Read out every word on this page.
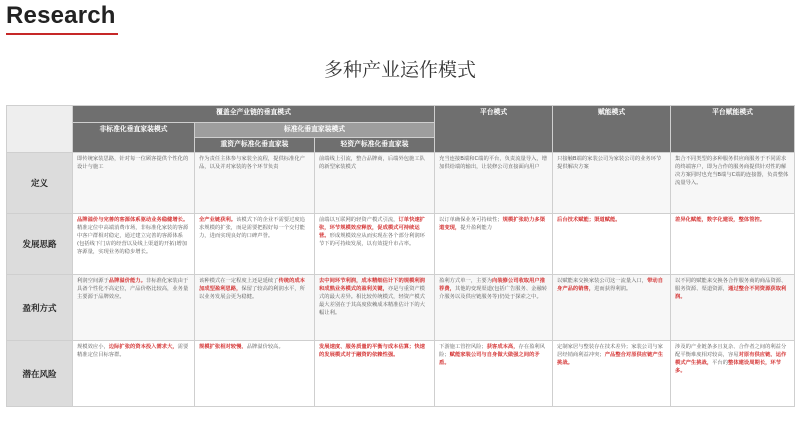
Research
多种产业运作模式
	覆盖全产业链的垂直模式			平台模式	赋能模式	平台赋能模式
	非标准化垂直家装模式	标准化垂直家装模式				
		重资产标准化垂直家装	轻资产标准化垂直家装			
定义	即传统家装思路，针对每一位顾客提供个性化的设计与施工	作为责任主体参与家装全流程，提供标准化产品，以及并对家装的各个环节负责	前端线上引流，整合品牌商，后端外包施工队的新型家装模式	充当连接B端和C端的平台，负责流量导入，增加供给端的输出，让装修公司直接面向用户	只接触B端的家装公司为家装公司的业务环节提供解决方案	集合不同类型的多种服务供应商服务于不同需求的终端客户，即为合作的服务商提供针对性的解决方案同时也充当B端与C端的连接器，负责整体流量导入。
发展思路	品牌溢价与完善的客源体系驱动业务稳健增长。精准定位中高端消费市场，非标准化家装的客源中客户群相对稳定，通过建立完善的客源体系(包括线下门店的经营以及线上渠道的开拓)增加客源量，实现业务的稳步增长。	全产业链获利。该模式下的企业不需要过度追求规模的扩张，而是需要把握好每一个交付能力，进而实现良好的口碑声誉。	前端以互联网的轻资产模式引流，订单快速扩张，环节规模效应释放，促成模式可持续运营。形成规模效应从而实现在各个部分利润环节下的可持续发展，以有效提升市占率。	以订单确保业务可持续性；规模扩张助力多渠道变现，提升盈利能力	后台技术赋能；渠道赋能。	差异化赋能，数字化建设，整体管控。
盈利方式	利润空间源于品牌溢价能力。非标准化家装由于具备个性化不高定位，产品价格比较高，业务量主要源于品牌效应。	该种模式在一定程度上还是延续了传统的成本加成型盈利思路，保留了较高的利润水平，所以业务发展会更为稳健。	去中间环节利润，成本精细估计下的规模利润和成熟业务模式的盈利关键，亦是与重资产模式的最大差异。相比较传统模式，轻资产模式最大差别在于其高度依赖成本精准估计下的大幅让利。	盈利方式单一，主要为向装修公司收取用户推荐费，其他的变现渠道(包括广告服务、金融转介服务以及供应链服务等)仍处于探索之中。	以赋能来交换家装公司这一流量入口，带动自身产品的销售，进而获得利润。	以不同的赋能来交换各合作服务商的商品资源、服务资源、渠道资源，通过整合不同资源获取利润。
潜在风险	规模效应小，边际扩张的资本投入需求大，需要精准定位目标客群。	规模扩张相对较慢、品牌溢价较高。	发展速度、服务质量的平衡与成本估算；快速的发展模式对于融资的依赖性强。	下游施工管控风险；获客成本高，存在盈利风险；赋能家装公司与自身做大做强之间的矛盾。	定制家居与整装存在技术差异；家装公司与家居经销商利益冲突；产品整合对原供应链产生挑战。	涉及的产业链条多且复杂、合作者之间的利益分配平衡难度相对较高，容易对原有供应链、运作模式产生挑战，平台的整体建设周期长，环节多。
